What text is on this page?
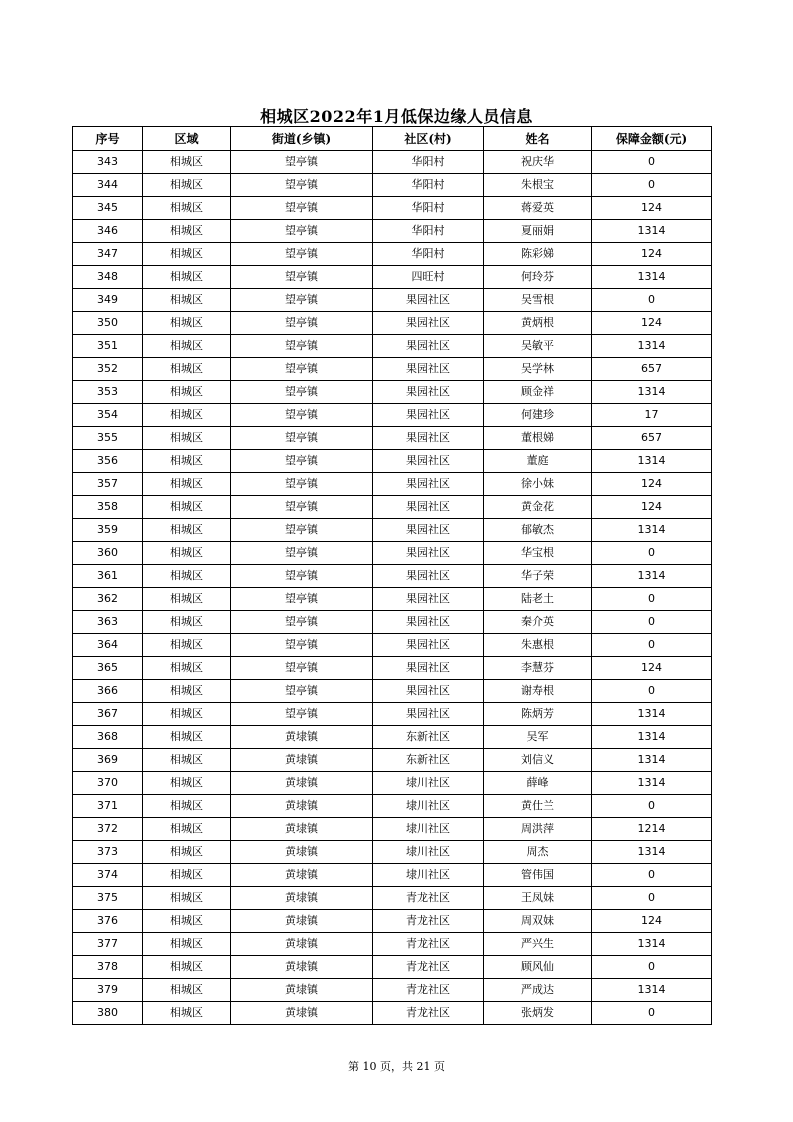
相城区2022年1月低保边缘人员信息
序号	区域	街道(乡镇)	社区(村)	姓名	保障金额(元)
343	相城区	望亭镇	华阳村	祝庆华	0
344	相城区	望亭镇	华阳村	朱根宝	0
345	相城区	望亭镇	华阳村	蒋爱英	124
346	相城区	望亭镇	华阳村	夏丽娟	1314
347	相城区	望亭镇	华阳村	陈彩娣	124
348	相城区	望亭镇	四旺村	何玲芬	1314
349	相城区	望亭镇	果园社区	吴雪根	0
350	相城区	望亭镇	果园社区	黄炳根	124
351	相城区	望亭镇	果园社区	吴敏平	1314
352	相城区	望亭镇	果园社区	吴学林	657
353	相城区	望亭镇	果园社区	顾金祥	1314
354	相城区	望亭镇	果园社区	何建珍	17
355	相城区	望亭镇	果园社区	董根娣	657
356	相城区	望亭镇	果园社区	董庭	1314
357	相城区	望亭镇	果园社区	徐小妹	124
358	相城区	望亭镇	果园社区	黄金花	124
359	相城区	望亭镇	果园社区	郁敏杰	1314
360	相城区	望亭镇	果园社区	华宝根	0
361	相城区	望亭镇	果园社区	华子荣	1314
362	相城区	望亭镇	果园社区	陆老土	0
363	相城区	望亭镇	果园社区	秦介英	0
364	相城区	望亭镇	果园社区	朱惠根	0
365	相城区	望亭镇	果园社区	李慧芬	124
366	相城区	望亭镇	果园社区	谢寿根	0
367	相城区	望亭镇	果园社区	陈炳芳	1314
368	相城区	黄埭镇	东新社区	吴军	1314
369	相城区	黄埭镇	东新社区	刘信义	1314
370	相城区	黄埭镇	埭川社区	薛峰	1314
371	相城区	黄埭镇	埭川社区	黄仕兰	0
372	相城区	黄埭镇	埭川社区	周洪萍	1214
373	相城区	黄埭镇	埭川社区	周杰	1314
374	相城区	黄埭镇	埭川社区	管伟国	0
375	相城区	黄埭镇	青龙社区	王凤妹	0
376	相城区	黄埭镇	青龙社区	周双妹	124
377	相城区	黄埭镇	青龙社区	严兴生	1314
378	相城区	黄埭镇	青龙社区	顾风仙	0
379	相城区	黄埭镇	青龙社区	严成达	1314
380	相城区	黄埭镇	青龙社区	张炳发	0
第 10 页，共 21 页
